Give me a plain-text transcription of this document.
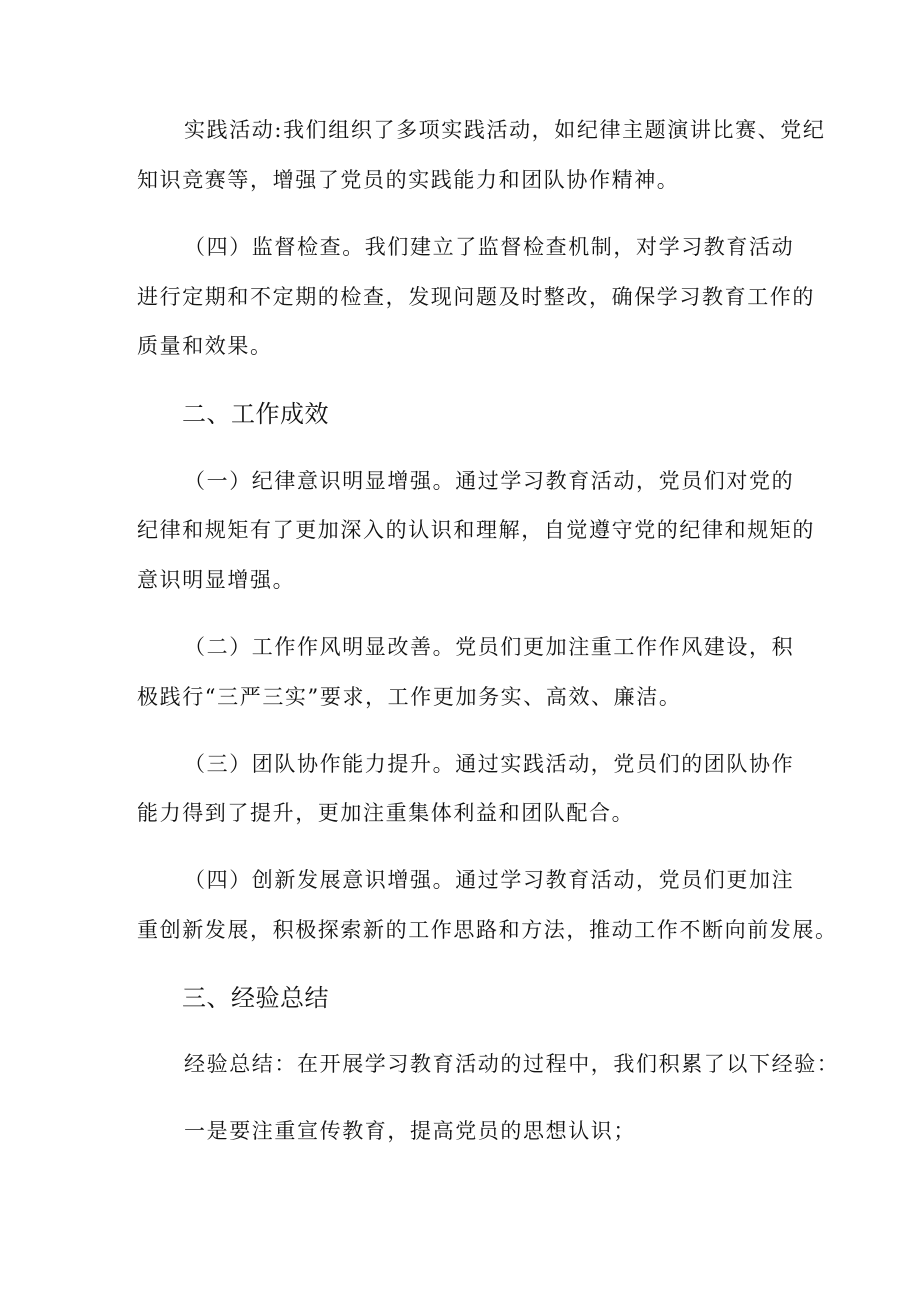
实践活动:我们组织了多项实践活动，如纪律主题演讲比赛、党纪
知识竞赛等，增强了党员的实践能力和团队协作精神。
（四）监督检查。我们建立了监督检查机制，对学习教育活动
进行定期和不定期的检查，发现问题及时整改，确保学习教育工作的
质量和效果。
二、工作成效
（一）纪律意识明显增强。通过学习教育活动，党员们对党的
纪律和规矩有了更加深入的认识和理解，自觉遵守党的纪律和规矩的
意识明显增强。
（二）工作作风明显改善。党员们更加注重工作作风建设，积
极践行“三严三实”要求，工作更加务实、高效、廉洁。
（三）团队协作能力提升。通过实践活动，党员们的团队协作
能力得到了提升，更加注重集体利益和团队配合。
（四）创新发展意识增强。通过学习教育活动，党员们更加注
重创新发展，积极探索新的工作思路和方法，推动工作不断向前发展。
三、经验总结
经验总结：在开展学习教育活动的过程中，我们积累了以下经验：
一是要注重宣传教育，提高党员的思想认识；
